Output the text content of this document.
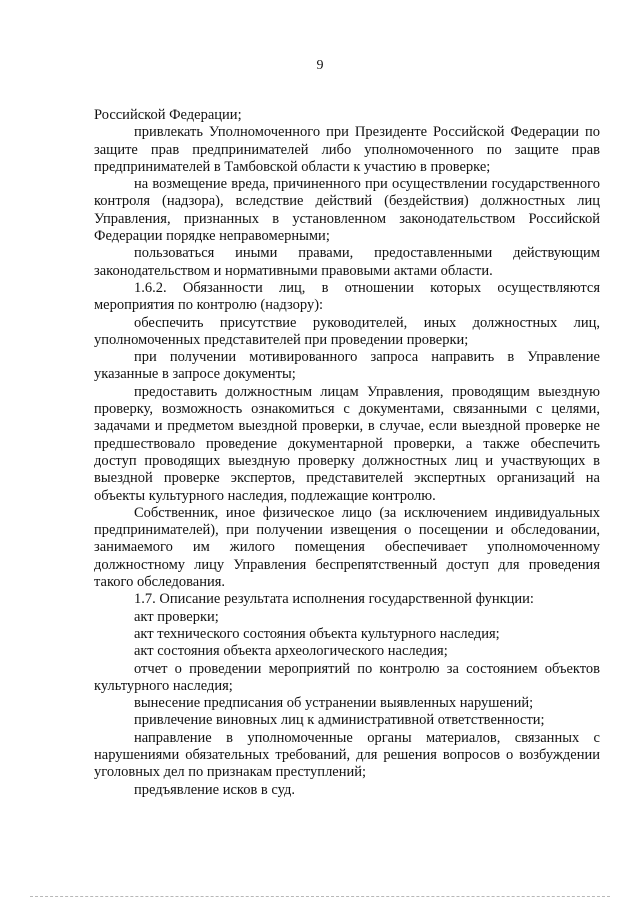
9

Российской Федерации;

привлекать Уполномоченного при Президенте Российской Федерации по защите прав предпринимателей либо уполномоченного по защите прав предпринимателей в Тамбовской области к участию в проверке;

на возмещение вреда, причиненного при осуществлении государственного контроля (надзора), вследствие действий (бездействия) должностных лиц Управления, признанных в установленном законодательством Российской Федерации порядке неправомерными;

пользоваться иными правами, предоставленными действующим законодательством и нормативными правовыми актами области.

1.6.2. Обязанности лиц, в отношении которых осуществляются мероприятия по контролю (надзору):

обеспечить присутствие руководителей, иных должностных лиц, уполномоченных представителей при проведении проверки;

при получении мотивированного запроса направить в Управление указанные в запросе документы;

предоставить должностным лицам Управления, проводящим выездную проверку, возможность ознакомиться с документами, связанными с целями, задачами и предметом выездной проверки, в случае, если выездной проверке не предшествовало проведение документарной проверки, а также обеспечить доступ проводящих выездную проверку должностных лиц и участвующих в выездной проверке экспертов, представителей экспертных организаций на объекты культурного наследия, подлежащие контролю.

Собственник, иное физическое лицо (за исключением индивидуальных предпринимателей), при получении извещения о посещении и обследовании, занимаемого им жилого помещения обеспечивает уполномоченному должностному лицу Управления беспрепятственный доступ для проведения такого обследования.

1.7. Описание результата исполнения государственной функции:

акт проверки;

акт технического состояния объекта культурного наследия;

акт состояния объекта археологического наследия;

отчет о проведении мероприятий по контролю за состоянием объектов культурного наследия;

вынесение предписания об устранении выявленных нарушений;

привлечение виновных лиц к административной ответственности;

направление в уполномоченные органы материалов, связанных с нарушениями обязательных требований, для решения вопросов о возбуждении уголовных дел по признакам преступлений;

предъявление исков в суд.
